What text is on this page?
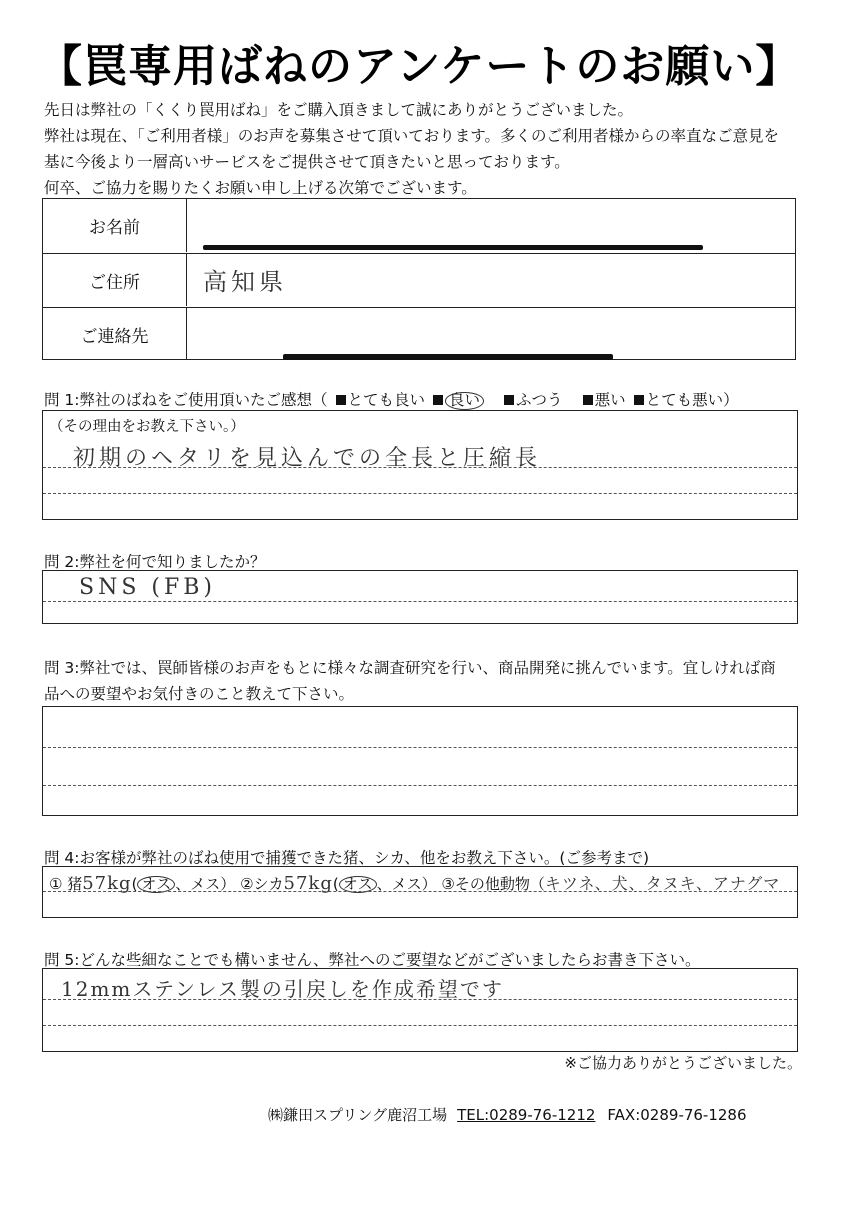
【罠専用ばねのアンケートのお願い】
先日は弊社の「くくり罠用ばね」をご購入頂きまして誠にありがとうございました。
弊社は現在、「ご利用者様」のお声を募集させて頂いております。多くのご利用者様からの率直なご意見を
基に今後より一層高いサービスをご提供させて頂きたいと思っております。
何卒、ご協力を賜りたくお願い申し上げる次第でございます。
お名前
ご住所	高知県
ご連絡先
問 1:弊社のばねをご使用頂いたご感想（ とても良い 良い ふつう 悪い とても悪い）
（その理由をお教え下さい。）
初期のヘタリを見込んでの全長と圧縮長
問 2:弊社を何で知りましたか？
SNS (FB)
問 3:弊社では、罠師皆様のお声をもとに様々な調査研究を行い、商品開発に挑んでいます。宜しければ商
品への要望やお気付きのこと教えて下さい。
問 4:お客様が弊社のばね使用で捕獲できた猪、シカ、他をお教え下さい。(ご参考まで)
① 猪57kg( オス 、メス） ②シカ57kg( オス 、メス） ③その他動物（キツネ、犬、タヌキ、アナグマ
問 5:どんな些細なことでも構いません、弊社へのご要望などがございましたらお書き下さい。
12mmステンレス製の引戻しを作成希望です
※ご協力ありがとうございました。
㈱鎌田スプリング鹿沼工場 TEL:0289-76-1212 FAX:0289-76-1286
